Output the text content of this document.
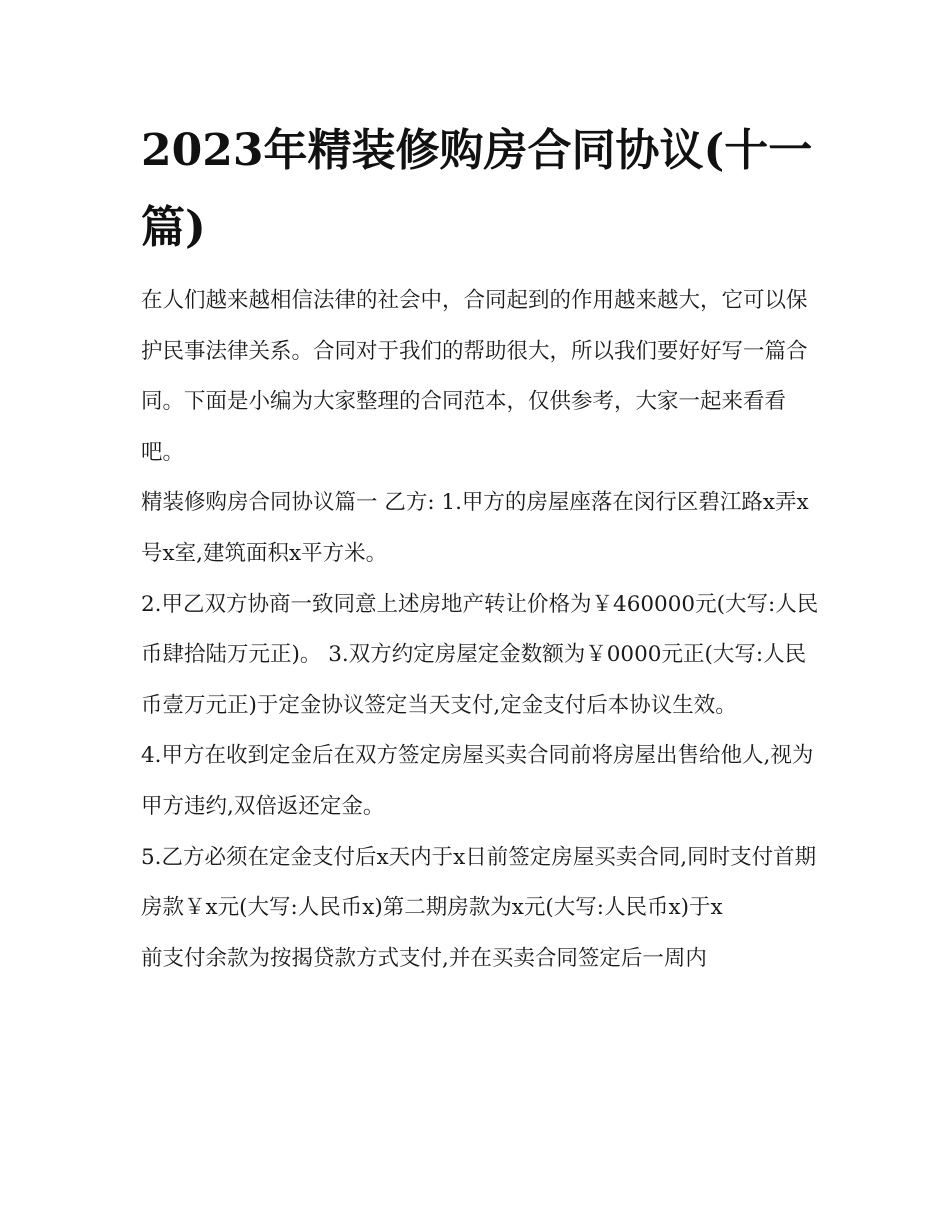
2023年精装修购房合同协议(十一篇)

在人们越来越相信法律的社会中，合同起到的作用越来越大，它可以保护民事法律关系。合同对于我们的帮助很大，所以我们要好好写一篇合同。下面是小编为大家整理的合同范本，仅供参考，大家一起来看看吧。

精装修购房合同协议篇一 乙方: 1.甲方的房屋座落在闵行区碧江路x弄x号x室,建筑面积x平方米。

2.甲乙双方协商一致同意上述房地产转让价格为￥460000元(大写:人民币肆拾陆万元正)。 3.双方约定房屋定金数额为￥0000元正(大写:人民币壹万元正)于定金协议签定当天支付,定金支付后本协议生效。

4.甲方在收到定金后在双方签定房屋买卖合同前将房屋出售给他人,视为甲方违约,双倍返还定金。

5.乙方必须在定金支付后x天内于x日前签定房屋买卖合同,同时支付首期房款￥x元(大写:人民币x)第二期房款为x元(大写:人民币x)于x

前支付余款为按揭贷款方式支付,并在买卖合同签定后一周内
